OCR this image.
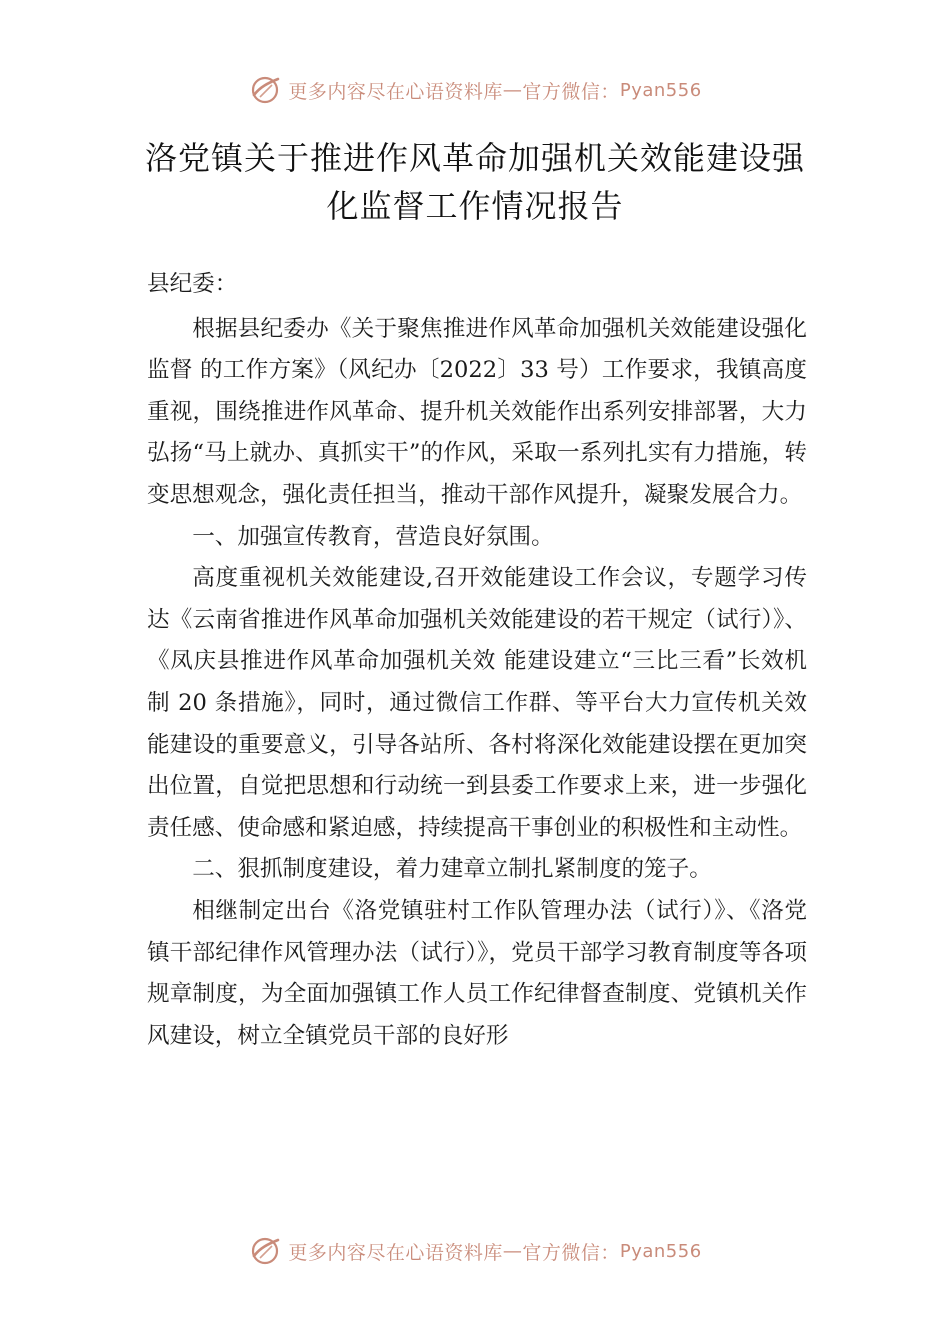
更多内容尽在心语资料库 — 官方微信： Pyan556
洛党镇关于推进作风革命加强机关效能建设强化监督工作情况报告

县纪委：

根据县纪委办《关于聚焦推进作风革命加强机关效能建设强化监督 的工作方案》（风纪办〔2022〕33 号）工作要求，我镇高度重视，围绕推进作风革命、提升机关效能作出系列安排部署，大力弘扬“马上就办、真抓实干”的作风，采取一系列扎实有力措施，转变思想观念，强化责任担当，推动干部作风提升，凝聚发展合力。

一、加强宣传教育，营造良好氛围。

高度重视机关效能建设,召开效能建设工作会议，专题学习传达《云南省推进作风革命加强机关效能建设的若干规定（试行）》、《凤庆县推进作风革命加强机关效 能建设建立“三比三看”长效机制 20 条措施》，同时，通过微信工作群、等平台大力宣传机关效能建设的重要意义，引导各站所、各村将深化效能建设摆在更加突出位置，自觉把思想和行动统一到县委工作要求上来，进一步强化责任感、使命感和紧迫感，持续提高干事创业的积极性和主动性。

二、狠抓制度建设，着力建章立制扎紧制度的笼子。

相继制定出台《洛党镇驻村工作队管理办法（试行）》、《洛党镇干部纪律作风管理办法（试行）》，党员干部学习教育制度等各项规章制度，为全面加强镇工作人员工作纪律督查制度、党镇机关作风建设，树立全镇党员干部的良好形

更多内容尽在心语资料库 — 官方微信： Pyan556
